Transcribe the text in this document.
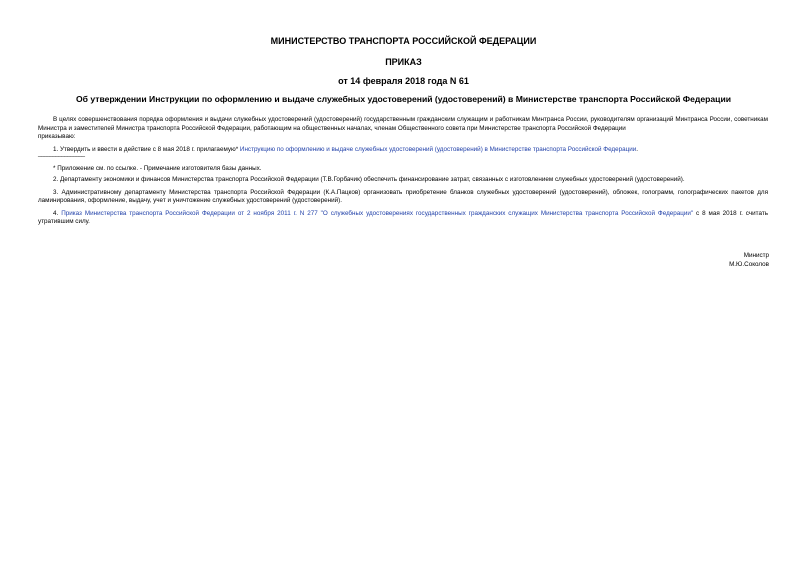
МИНИСТЕРСТВО ТРАНСПОРТА РОССИЙСКОЙ ФЕДЕРАЦИИ
ПРИКАЗ
от 14 февраля 2018 года N 61
Об утверждении Инструкции по оформлению и выдаче служебных удостоверений (удостоверений) в Министерстве транспорта Российской Федерации

В целях совершенствования порядка оформления и выдачи служебных удостоверений (удостоверений) государственным гражданским служащим и работникам Минтранса России, руководителям организаций Минтранса России, советникам Министра и заместителей Министра транспорта Российской Федерации, работающим на общественных началах, членам Общественного совета при Министерстве транспорта Российской Федерации

приказываю:

1. Утвердить и ввести в действие с 8 мая 2018 г. прилагаемую* Инструкцию по оформлению и выдаче служебных удостоверений (удостоверений) в Министерстве транспорта Российской Федерации.

________________

* Приложение см. по ссылке. - Примечание изготовителя базы данных.

2. Департаменту экономики и финансов Министерства транспорта Российской Федерации (Т.В.Горбачик) обеспечить финансирование затрат, связанных с изготовлением служебных удостоверений (удостоверений).

3. Административному департаменту Министерства транспорта Российской Федерации (К.А.Пацков) организовать приобретение бланков служебных удостоверений (удостоверений), обложек, голограмм, голографических пакетов для ламинирования, оформление, выдачу, учет и уничтожение служебных удостоверений (удостоверений).

4. Приказ Министерства транспорта Российской Федерации от 2 ноября 2011 г. N 277 "О служебных удостоверениях государственных гражданских служащих Министерства транспорта Российской Федерации" с 8 мая 2018 г. считать утратившим силу.

Министр
М.Ю.Соколов
